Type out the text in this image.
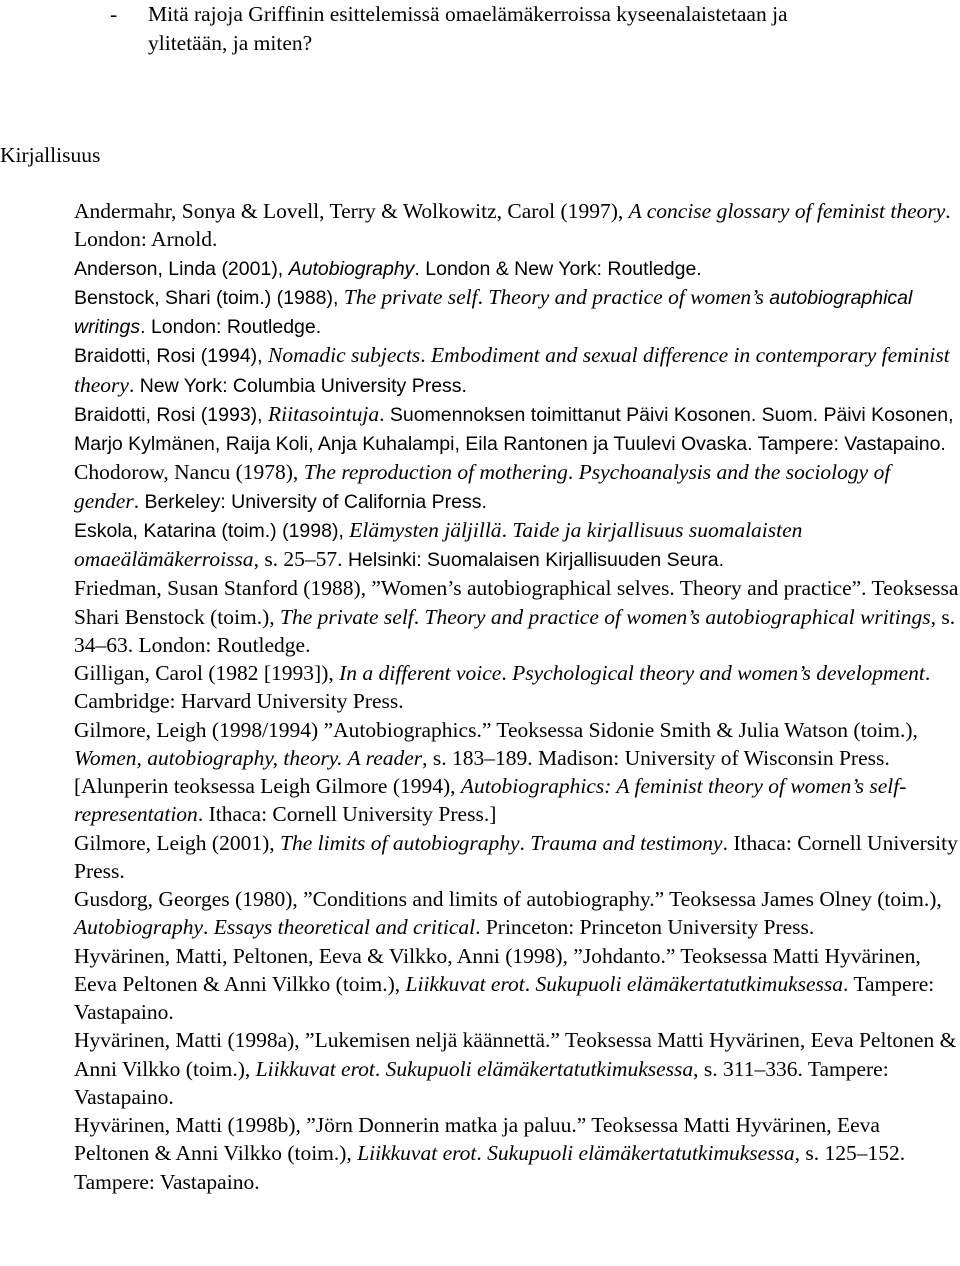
- Mitä rajoja Griffinin esittelemissä omaelämäkerroissa kyseenalaistetaan ja
ylitetään, ja miten?
Kirjallisuus

Andermahr, Sonya & Lovell, Terry & Wolkowitz, Carol (1997), A concise glossary of feminist theory. London: Arnold.

Anderson, Linda (2001), Autobiography. London & New York: Routledge.

Benstock, Shari (toim.) (1988), The private self. Theory and practice of women’s autobiographical writings. London: Routledge.

Braidotti, Rosi (1994), Nomadic subjects. Embodiment and sexual difference in contemporary feminist theory. New York: Columbia University Press.

Braidotti, Rosi (1993), Riitasointuja. Suomennoksen toimittanut Päivi Kosonen. Suom. Päivi Kosonen, Marjo Kylmänen, Raija Koli, Anja Kuhalampi, Eila Rantonen ja Tuulevi Ovaska. Tampere: Vastapaino.

Chodorow, Nancu (1978), The reproduction of mothering. Psychoanalysis and the sociology of gender. Berkeley: University of California Press.

Eskola, Katarina (toim.) (1998), Elämysten jäljillä. Taide ja kirjallisuus suomalaisten omaeälämäkerroissa, s. 25–57. Helsinki: Suomalaisen Kirjallisuuden Seura.

Friedman, Susan Stanford (1988), ”Women’s autobiographical selves. Theory and practice”. Teoksessa Shari Benstock (toim.), The private self. Theory and practice of women’s autobiographical writings, s. 34–63. London: Routledge.

Gilligan, Carol (1982 [1993]), In a different voice. Psychological theory and women’s development. Cambridge: Harvard University Press.

Gilmore, Leigh (1998/1994) ”Autobiographics.” Teoksessa Sidonie Smith & Julia Watson (toim.), Women, autobiography, theory. A reader, s. 183–189. Madison: University of Wisconsin Press. [Alunperin teoksessa Leigh Gilmore (1994), Autobiographics: A feminist theory of women’s self-representation. Ithaca: Cornell University Press.]

Gilmore, Leigh (2001), The limits of autobiography. Trauma and testimony. Ithaca: Cornell University Press.

Gusdorg, Georges (1980), ”Conditions and limits of autobiography.” Teoksessa James Olney (toim.), Autobiography. Essays theoretical and critical. Princeton: Princeton University Press.

Hyvärinen, Matti, Peltonen, Eeva & Vilkko, Anni (1998), ”Johdanto.” Teoksessa Matti Hyvärinen, Eeva Peltonen & Anni Vilkko (toim.), Liikkuvat erot. Sukupuoli elämäkertatutkimuksessa. Tampere: Vastapaino.

Hyvärinen, Matti (1998a), ”Lukemisen neljä käännettä.” Teoksessa Matti Hyvärinen, Eeva Peltonen & Anni Vilkko (toim.), Liikkuvat erot. Sukupuoli elämäkertatutkimuksessa, s. 311–336. Tampere: Vastapaino.

Hyvärinen, Matti (1998b), ”Jörn Donnerin matka ja paluu.” Teoksessa Matti Hyvärinen, Eeva Peltonen & Anni Vilkko (toim.), Liikkuvat erot. Sukupuoli elämäkertatutkimuksessa, s. 125–152. Tampere: Vastapaino.
